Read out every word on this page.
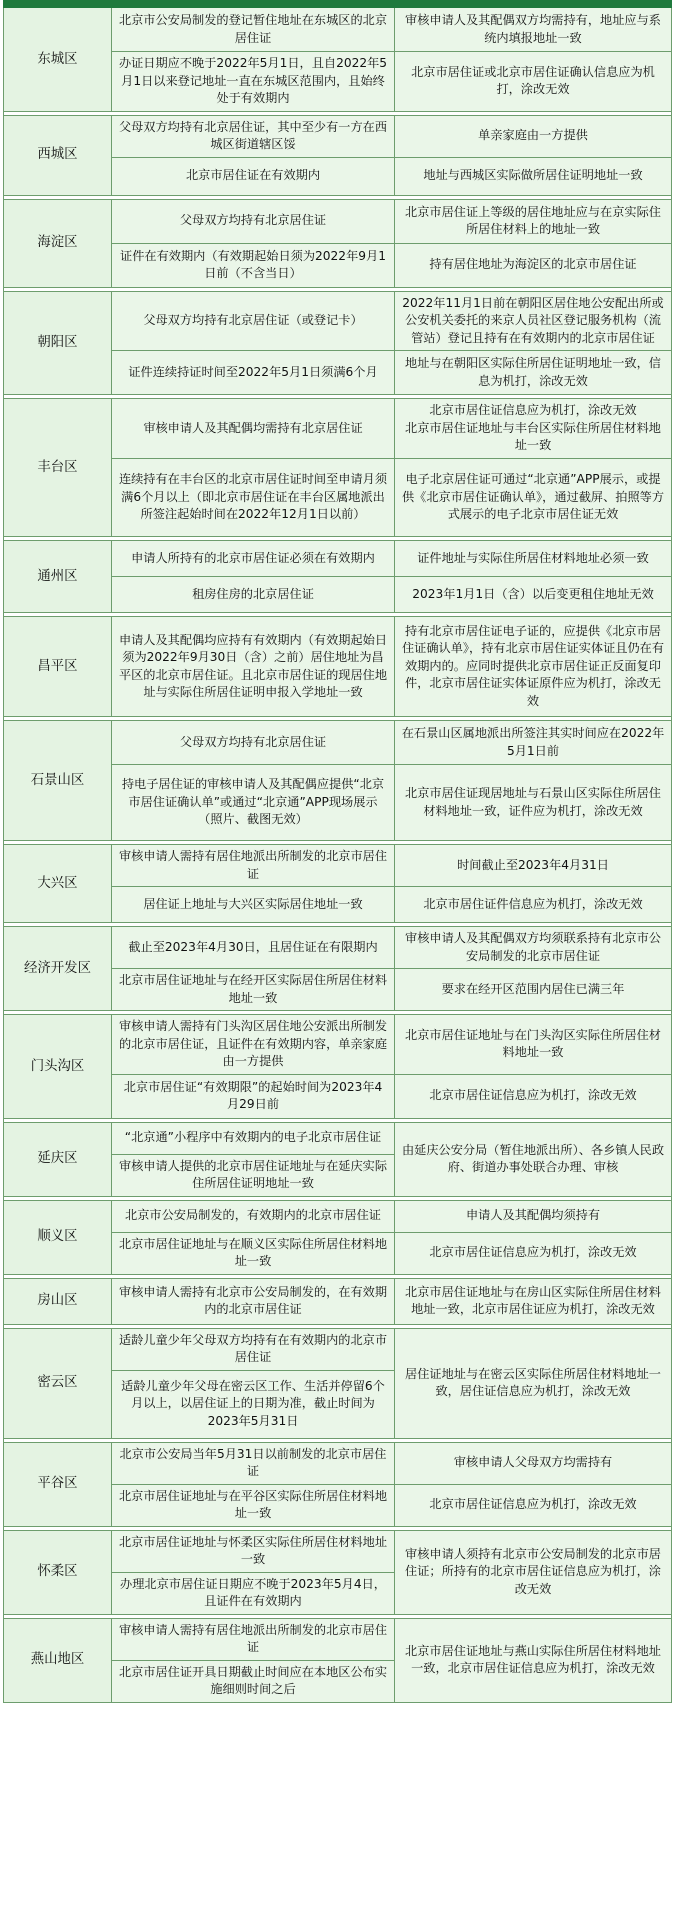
东城区	北京市公安局制发的登记暂住地址在东城区的北京居住证	审核申请人及其配偶双方均需持有，地址应与系统内填报地址一致
	办证日期应不晚于2022年5月1日，且自2022年5月1日以来登记地址一直在东城区范围内，且始终处于有效期内	北京市居住证或北京市居住证确认信息应为机打，涂改无效

西城区	父母双方均持有北京居住证，其中至少有一方在西城区街道辖区馁	单亲家庭由一方提供
	北京市居住证在有效期内	地址与西城区实际做所居住证明地址一致

海淀区	父母双方均持有北京居住证	北京市居住证上等级的居住地址应与在京实际住所居住材料上的地址一致
	证件在有效期内（有效期起始日须为2022年9月1日前（不含当日）	持有居住地址为海淀区的北京市居住证

朝阳区	父母双方均持有北京居住证（或登记卡）	2022年11月1日前在朝阳区居住地公安配出所或公安机关委托的来京人员社区登记服务机构（流管站）登记且持有在有效期内的北京市居住证
	证件连续持证时间至2022年5月1日须满6个月	地址与在朝阳区实际住所居住证明地址一致，信息为机打，涂改无效

丰台区	审核申请人及其配偶均需持有北京居住证	北京市居住证信息应为机打，涂改无效
北京市居住证地址与丰台区实际住所居住材料地址一致
	连续持有在丰台区的北京市居住证时间至申请月须满6个月以上（即北京市居住证在丰台区属地派出所签注起始时间在2022年12月1日以前）	电子北京居住证可通过“北京通”APP展示，或提供《北京市居住证确认单》，通过截屏、拍照等方式展示的电子北京市居住证无效

通州区	申请人所持有的北京市居住证必须在有效期内	证件地址与实际住所居住材料地址必须一致
	租房住房的北京居住证	2023年1月1日（含）以后变更租住地址无效

昌平区	申请人及其配偶均应持有有效期内（有效期起始日须为2022年9月30日（含）之前）居住地址为昌平区的北京市居住证。且北京市居住证的现居住地址与实际住所居住证明申报入学地址一致	持有北京市居住证电子证的，应提供《北京市居住证确认单》，持有北京市居住证实体证且仍在有效期内的。应同时提供北京市居住证正反面复印件，北京市居住证实体证原件应为机打，涂改无效

石景山区	父母双方均持有北京居住证	在石景山区属地派出所签注其实时间应在2022年5月1日前
	持电子居住证的审核申请人及其配偶应提供“北京市居住证确认单”或通过“北京通”APP现场展示（照片、截图无效）	北京市居住证现居地址与石景山区实际住所居住材料地址一致，证件应为机打，涂改无效

大兴区	审核申请人需持有居住地派出所制发的北京市居住证	时间截止至2023年4月31日
	居住证上地址与大兴区实际居住地址一致	北京市居住证件信息应为机打，涂改无效

经济开发区	截止至2023年4月30日，且居住证在有限期内	审核申请人及其配偶双方均须联系持有北京市公安局制发的北京市居住证
	北京市居住证地址与在经开区实际居住所居住材料地址一致	要求在经开区范围内居住已满三年

门头沟区	审核申请人需持有门头沟区居住地公安派出所制发的北京市居住证，且证件在有效期内容，单亲家庭由一方提供	北京市居住证地址与在门头沟区实际住所居住材料地址一致
	北京市居住证“有效期限”的起始时间为2023年4月29日前	北京市居住证信息应为机打，涂改无效

延庆区	“北京通”小程序中有效期内的电子北京市居住证	由延庆公安分局（暂住地派出所）、各乡镇人民政府、街道办事处联合办理、审核
	审核申请人提供的北京市居住证地址与在延庆实际住所居住证明地址一致	

顺义区	北京市公安局制发的，有效期内的北京市居住证	申请人及其配偶均须持有
	北京市居住证地址与在顺义区实际住所居住材料地址一致	北京市居住证信息应为机打，涂改无效

房山区	审核申请人需持有北京市公安局制发的，在有效期内的北京市居住证	北京市居住证地址与在房山区实际住所居住材料地址一致，北京市居住证应为机打，涂改无效

密云区	适龄儿童少年父母双方均持有在有效期内的北京市居住证	居住证地址与在密云区实际住所居住材料地址一致，居住证信息应为机打，涂改无效
	适龄儿童少年父母在密云区工作、生活并停留6个月以上，以居住证上的日期为准，截止时间为2023年5月31日	

平谷区	北京市公安局当年5月31日以前制发的北京市居住证	审核申请人父母双方均需持有
	北京市居住证地址与在平谷区实际住所居住材料地址一致	北京市居住证信息应为机打，涂改无效

怀柔区	北京市居住证地址与怀柔区实际住所居住材料地址一致	审核申请人须持有北京市公安局制发的北京市居住证；所持有的北京市居住证信息应为机打，涂改无效
	办理北京市居住证日期应不晚于2023年5月4日，且证件在有效期内	

燕山地区	审核申请人需持有居住地派出所制发的北京市居住证	北京市居住证地址与燕山实际住所居住材料地址一致，北京市居住证信息应为机打，涂改无效
	北京市居住证开具日期截止时间应在本地区公布实施细则时间之后	
